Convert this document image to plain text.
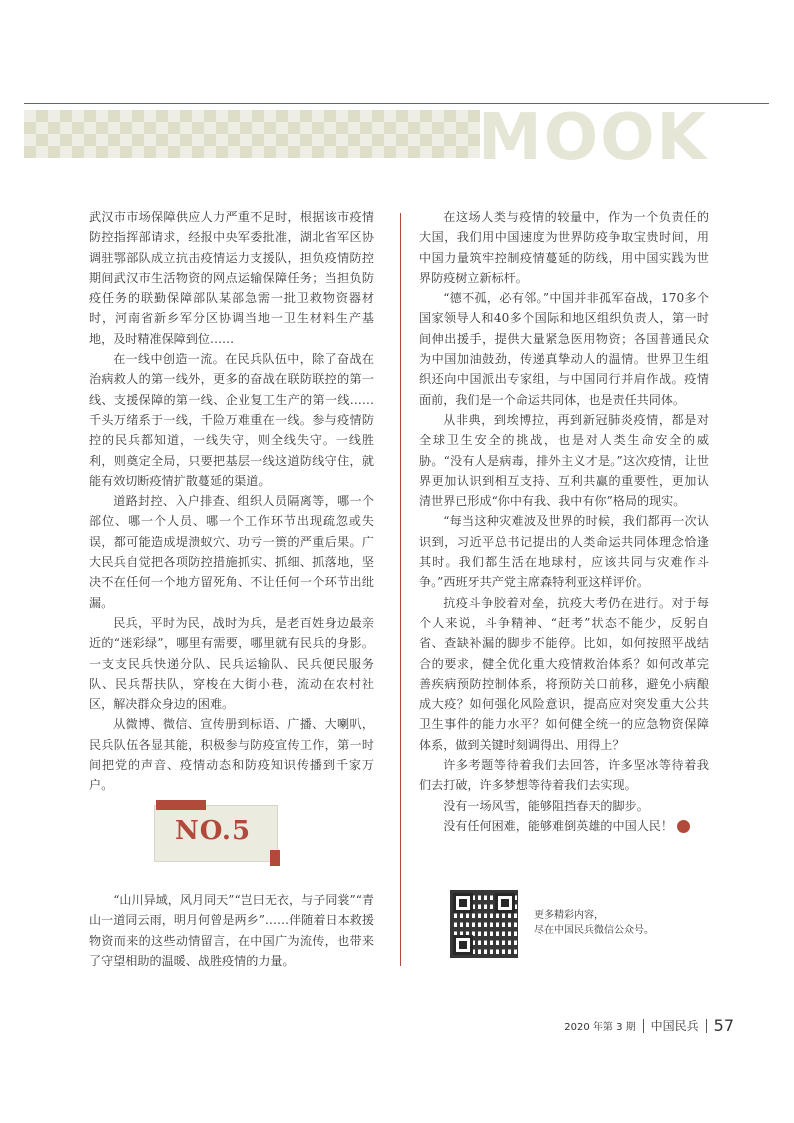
MOOK

武汉市市场保障供应人力严重不足时，根据该市疫情防控指挥部请求，经报中央军委批准，湖北省军区协调驻鄂部队成立抗击疫情运力支援队，担负疫情防控期间武汉市生活物资的网点运输保障任务；当担负防疫任务的联勤保障部队某部急需一批卫救物资器材时，河南省新乡军分区协调当地一卫生材料生产基地，及时精准保障到位……

在一线中创造一流。在民兵队伍中，除了奋战在治病救人的第一线外，更多的奋战在联防联控的第一线、支援保障的第一线、企业复工生产的第一线……千头万绪系于一线，千险万难重在一线。参与疫情防控的民兵都知道，一线失守，则全线失守。一线胜利，则奠定全局，只要把基层一线这道防线守住，就能有效切断疫情扩散蔓延的渠道。

道路封控、入户排查、组织人员隔离等，哪一个部位、哪一个人员、哪一个工作环节出现疏忽或失误，都可能造成堤溃蚁穴、功亏一篑的严重后果。广大民兵自觉把各项防控措施抓实、抓细、抓落地，坚决不在任何一个地方留死角、不让任何一个环节出纰漏。

民兵，平时为民，战时为兵，是老百姓身边最亲近的“迷彩绿”，哪里有需要，哪里就有民兵的身影。一支支民兵快递分队、民兵运输队、民兵便民服务队、民兵帮扶队，穿梭在大街小巷，流动在农村社区，解决群众身边的困难。

从微博、微信、宣传册到标语、广播、大喇叭，民兵队伍各显其能，积极参与防疫宣传工作，第一时间把党的声音、疫情动态和防疫知识传播到千家万户。

NO.5

“山川异域，风月同天”“岂曰无衣，与子同裳”“青山一道同云雨，明月何曾是两乡”……伴随着日本救援物资而来的这些动情留言，在中国广为流传，也带来了守望相助的温暖、战胜疫情的力量。

在这场人类与疫情的较量中，作为一个负责任的大国，我们用中国速度为世界防疫争取宝贵时间，用中国力量筑牢控制疫情蔓延的防线，用中国实践为世界防疫树立新标杆。

“德不孤，必有邻。”中国并非孤军奋战，170多个国家领导人和40多个国际和地区组织负责人，第一时间伸出援手，提供大量紧急医用物资；各国普通民众为中国加油鼓劲，传递真挚动人的温情。世界卫生组织还向中国派出专家组，与中国同行并肩作战。疫情面前，我们是一个命运共同体，也是责任共同体。

从非典，到埃博拉，再到新冠肺炎疫情，都是对全球卫生安全的挑战，也是对人类生命安全的威胁。“没有人是病毒，排外主义才是。”这次疫情，让世界更加认识到相互支持、互利共赢的重要性，更加认清世界已形成“你中有我、我中有你”格局的现实。

“每当这种灾难波及世界的时候，我们都再一次认识到，习近平总书记提出的人类命运共同体理念恰逢其时。我们都生活在地球村，应该共同与灾难作斗争。”西班牙共产党主席森特利亚这样评价。

抗疫斗争胶着对垒，抗疫大考仍在进行。对于每个人来说，斗争精神、“赶考”状态不能少，反躬自省、查缺补漏的脚步不能停。比如，如何按照平战结合的要求，健全优化重大疫情救治体系？如何改革完善疾病预防控制体系，将预防关口前移，避免小病酿成大疫？如何强化风险意识，提高应对突发重大公共卫生事件的能力水平？如何健全统一的应急物资保障体系，做到关键时刻调得出、用得上？

许多考题等待着我们去回答，许多坚冰等待着我们去打破，许多梦想等待着我们去实现。

没有一场风雪，能够阻挡春天的脚步。

没有任何困难，能够难倒英雄的中国人民！	民

更多精彩内容，
尽在中国民兵微信公众号。
2020 年第 3 期 中国民兵 57
